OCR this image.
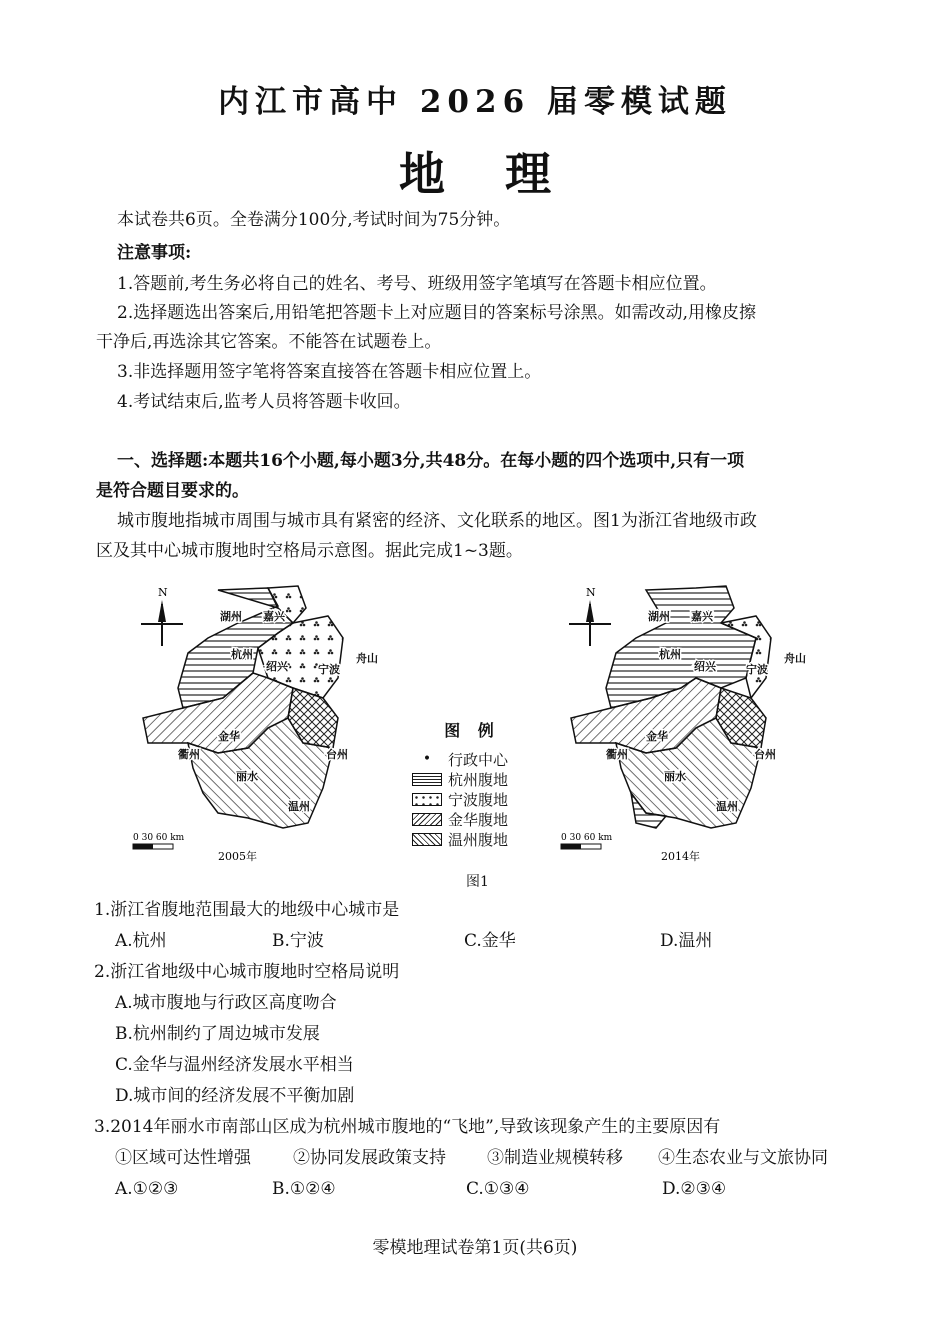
内江市高中 2026 届零模试题
地理
本试卷共6页。全卷满分100分,考试时间为75分钟。
注意事项:
1.答题前,考生务必将自己的姓名、考号、班级用签字笔填写在答题卡相应位置。
2.选择题选出答案后,用铅笔把答题卡上对应题目的答案标号涂黑。如需改动,用橡皮擦
干净后,再选涂其它答案。不能答在试题卷上。
3.非选择题用签字笔将答案直接答在答题卡相应位置上。
4.考试结束后,监考人员将答题卡收回。
一、选择题:本题共16个小题,每小题3分,共48分。在每小题的四个选项中,只有一项
是符合题目要求的。
城市腹地指城市周围与城市具有紧密的经济、文化联系的地区。图1为浙江省地级市政
区及其中心城市腹地时空格局示意图。据此完成1~3题。
N
湖州 嘉兴
杭州
绍兴	宁波
舟山
金华
衢州	台州
丽水
温州
0 30 60 km
2005年
图 例
•	行政中心
杭州腹地
宁波腹地
金华腹地
温州腹地
N
湖州 嘉兴
杭州
绍兴	宁波
舟山
金华
衢州	台州
丽水
温州
0 30 60 km
2014年
图1
1.浙江省腹地范围最大的地级中心城市是
A.杭州	B.宁波	C.金华	D.温州
2.浙江省地级中心城市腹地时空格局说明
A.城市腹地与行政区高度吻合
B.杭州制约了周边城市发展
C.金华与温州经济发展水平相当
D.城市间的经济发展不平衡加剧
3.2014年丽水市南部山区成为杭州城市腹地的“飞地”,导致该现象产生的主要原因有
①区域可达性增强 ②协同发展政策支持 ③制造业规模转移 ④生态农业与文旅协同
A.①②③	B.①②④	C.①③④	D.②③④
零模地理试卷第1页(共6页)
